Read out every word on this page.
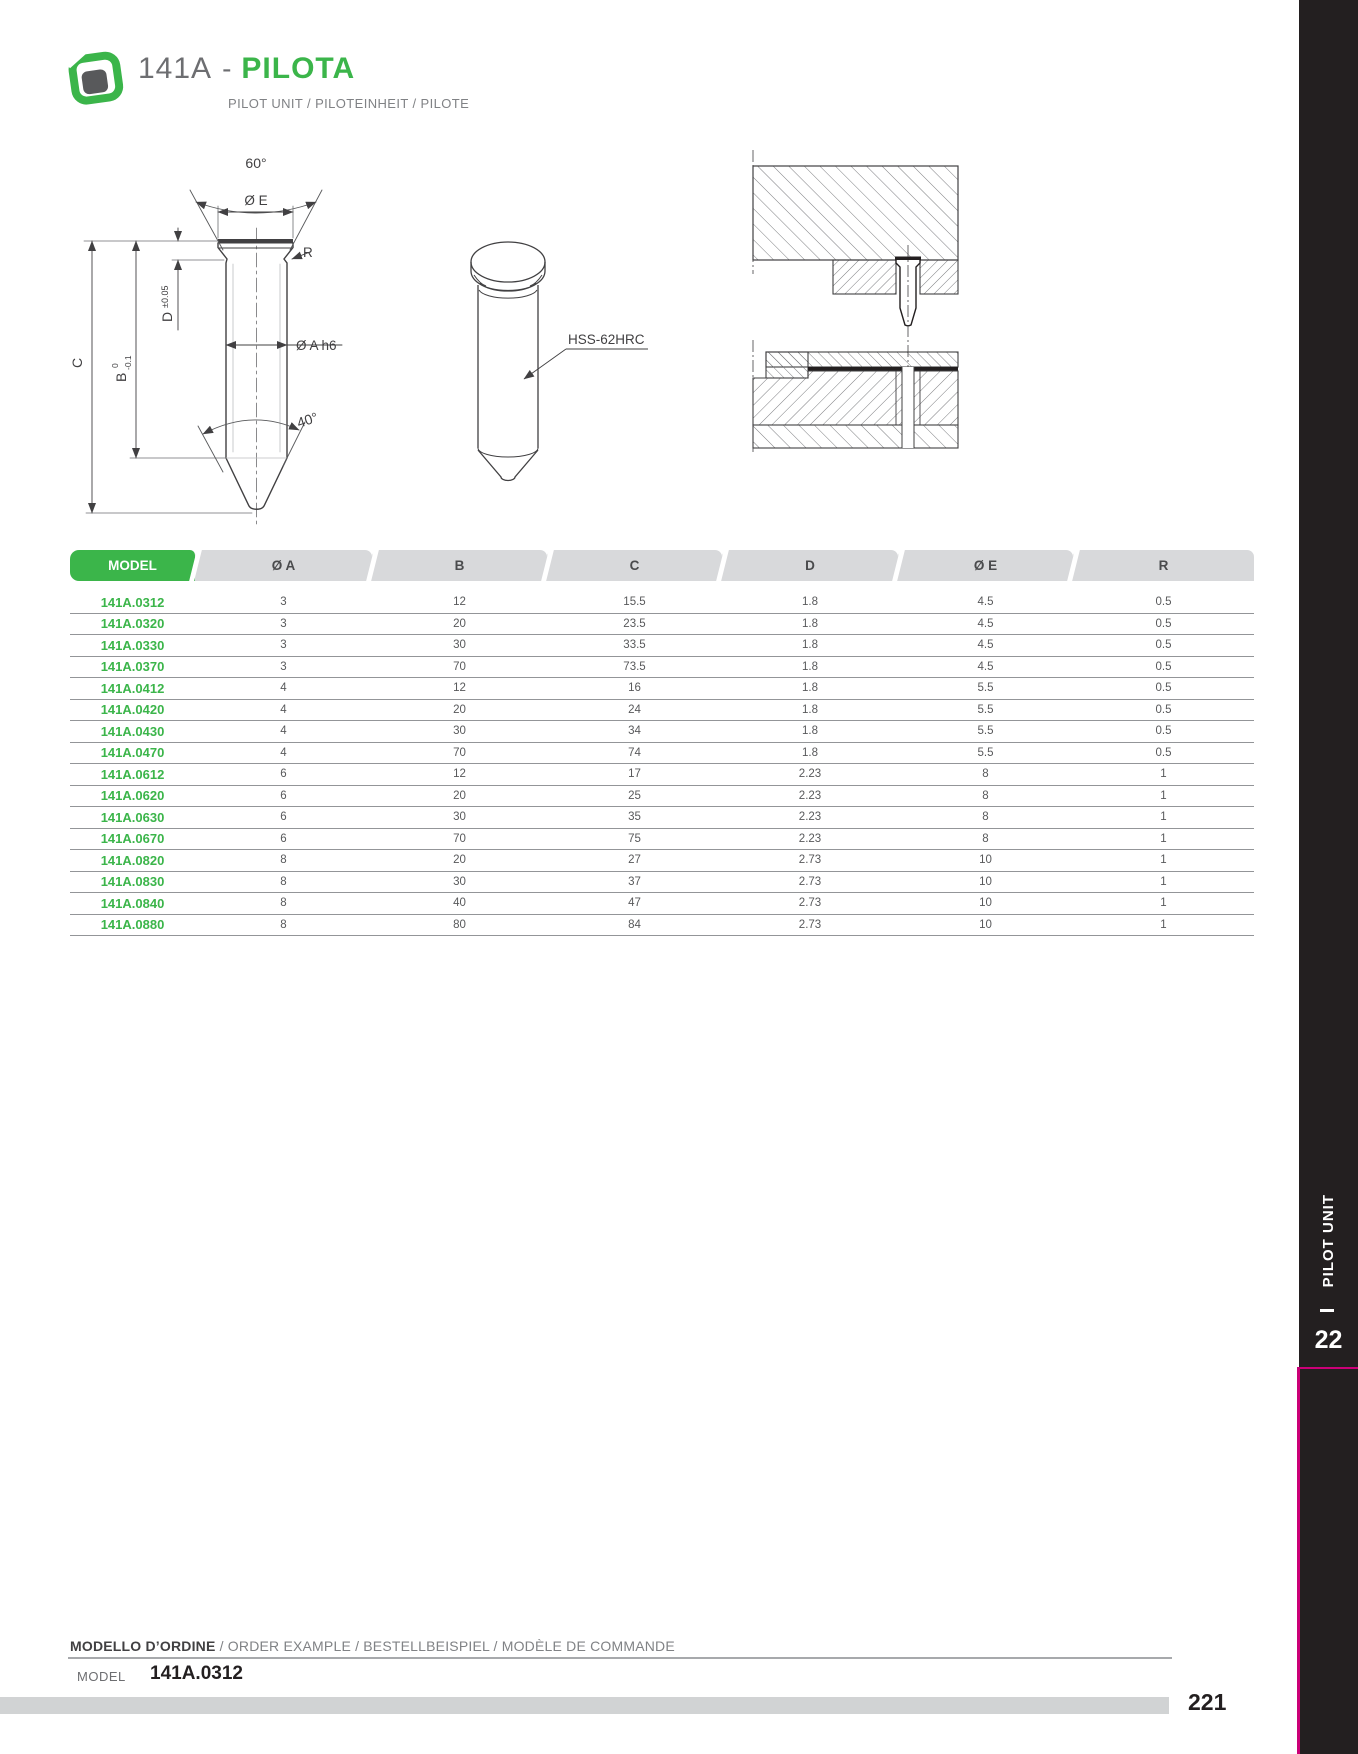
141A - PILOTA
PILOT UNIT / PILOTEINHEIT / PILOTE
60°
Ø E
R
D
±0.05
B
0 -0.1
C
Ø A h6
40°
HSS-62HRC
MODEL	Ø A	B	C	D	Ø E	R
141A.0312	3	12	15.5	1.8	4.5	0.5
141A.0320	3	20	23.5	1.8	4.5	0.5
141A.0330	3	30	33.5	1.8	4.5	0.5
141A.0370	3	70	73.5	1.8	4.5	0.5
141A.0412	4	12	16	1.8	5.5	0.5
141A.0420	4	20	24	1.8	5.5	0.5
141A.0430	4	30	34	1.8	5.5	0.5
141A.0470	4	70	74	1.8	5.5	0.5
141A.0612	6	12	17	2.23	8	1
141A.0620	6	20	25	2.23	8	1
141A.0630	6	30	35	2.23	8	1
141A.0670	6	70	75	2.23	8	1
141A.0820	8	20	27	2.73	10	1
141A.0830	8	30	37	2.73	10	1
141A.0840	8	40	47	2.73	10	1
141A.0880	8	80	84	2.73	10	1
PILOT UNIT
22
MODELLO D’ORDINE / ORDER EXAMPLE / BESTELLBEISPIEL / MODÈLE DE COMMANDE
MODEL 141A.0312
221
